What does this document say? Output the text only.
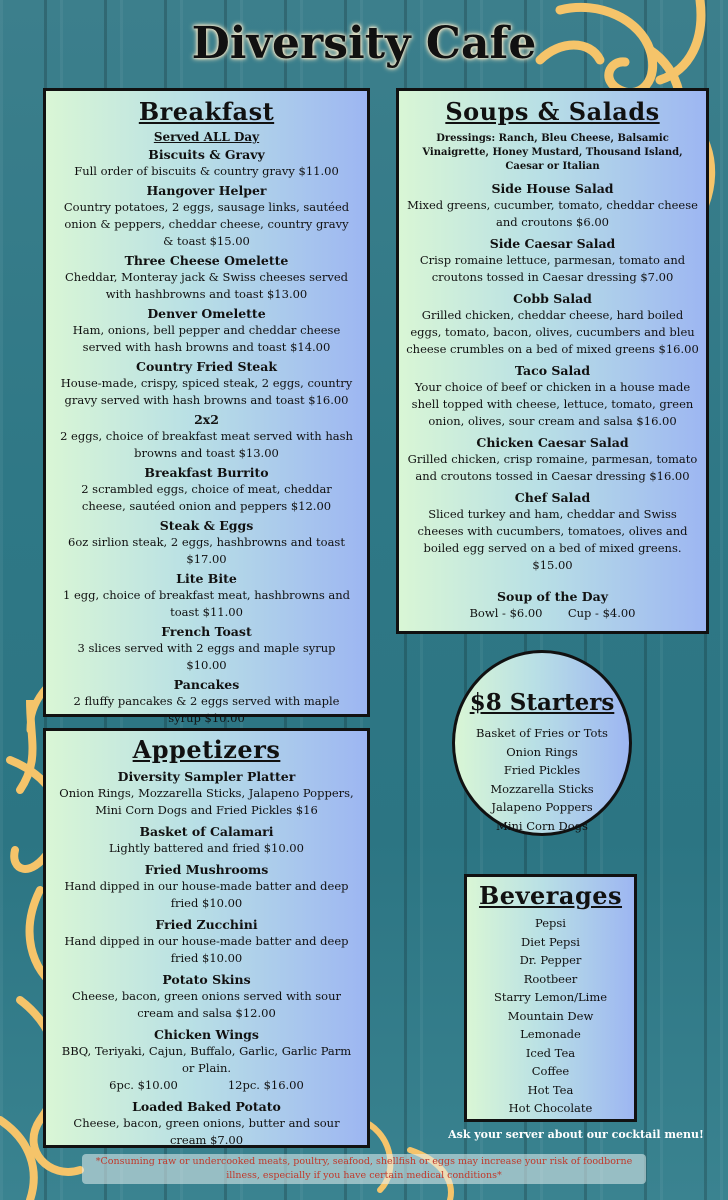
Diversity Cafe
Breakfast
Served ALL Day
Biscuits & Gravy
Full order of biscuits & country gravy $11.00
Hangover Helper
Country potatoes, 2 eggs, sausage links, sautéed onion & peppers, cheddar cheese, country gravy & toast $15.00
Three Cheese Omelette
Cheddar, Monteray jack & Swiss cheeses served with hashbrowns and toast $13.00
Denver Omelette
Ham, onions, bell pepper and cheddar cheese served with hash browns and toast $14.00
Country Fried Steak
House-made, crispy, spiced steak, 2 eggs, country gravy served with hash browns and toast $16.00
2x2
2 eggs, choice of breakfast meat served with hash browns and toast $13.00
Breakfast Burrito
2 scrambled eggs, choice of meat, cheddar cheese, sautéed onion and peppers $12.00
Steak & Eggs
6oz sirlion steak, 2 eggs, hashbrowns and toast $17.00
Lite Bite
1 egg, choice of breakfast meat, hashbrowns and toast $11.00
French Toast
3 slices served with 2 eggs and maple syrup $10.00
Pancakes
2 fluffy pancakes & 2 eggs served with maple syrup $10.00
Soups & Salads
Dressings: Ranch, Bleu Cheese, Balsamic Vinaigrette, Honey Mustard, Thousand Island, Caesar or Italian
Side House Salad
Mixed greens, cucumber, tomato, cheddar cheese and croutons $6.00
Side Caesar Salad
Crisp romaine lettuce, parmesan, tomato and croutons tossed in Caesar dressing $7.00
Cobb Salad
Grilled chicken, cheddar cheese, hard boiled eggs, tomato, bacon, olives, cucumbers and bleu cheese crumbles on a bed of mixed greens $16.00
Taco Salad
Your choice of beef or chicken in a house made shell topped with cheese, lettuce, tomato, green onion, olives, sour cream and salsa $16.00
Chicken Caesar Salad
Grilled chicken, crisp romaine, parmesan, tomato and croutons tossed in Caesar dressing $16.00
Chef Salad
Sliced turkey and ham, cheddar and Swiss cheeses with cucumbers, tomatoes, olives and boiled egg served on a bed of mixed greens. $15.00
Soup of the Day
Bowl - $6.00 Cup - $4.00
Appetizers
Diversity Sampler Platter
Onion Rings, Mozzarella Sticks, Jalapeno Poppers, Mini Corn Dogs and Fried Pickles $16
Basket of Calamari
Lightly battered and fried $10.00
Fried Mushrooms
Hand dipped in our house-made batter and deep fried $10.00
Fried Zucchini
Hand dipped in our house-made batter and deep fried $10.00
Potato Skins
Cheese, bacon, green onions served with sour cream and salsa $12.00
Chicken Wings
BBQ, Teriyaki, Cajun, Buffalo, Garlic, Garlic Parm or Plain.
6pc. $10.00	12pc. $16.00
Loaded Baked Potato
Cheese, bacon, green onions, butter and sour cream $7.00
$8 Starters
Basket of Fries or Tots
Onion Rings
Fried Pickles
Mozzarella Sticks
Jalapeno Poppers
Mini Corn Dogs
Beverages
Pepsi
Diet Pepsi
Dr. Pepper
Rootbeer
Starry Lemon/Lime
Mountain Dew
Lemonade
Iced Tea
Coffee
Hot Tea
Hot Chocolate
Ask your server about our cocktail menu!
*Consuming raw or undercooked meats, poultry, seafood, shellfish or eggs may increase your risk of foodborne illness, especially if you have certain medical conditions*
